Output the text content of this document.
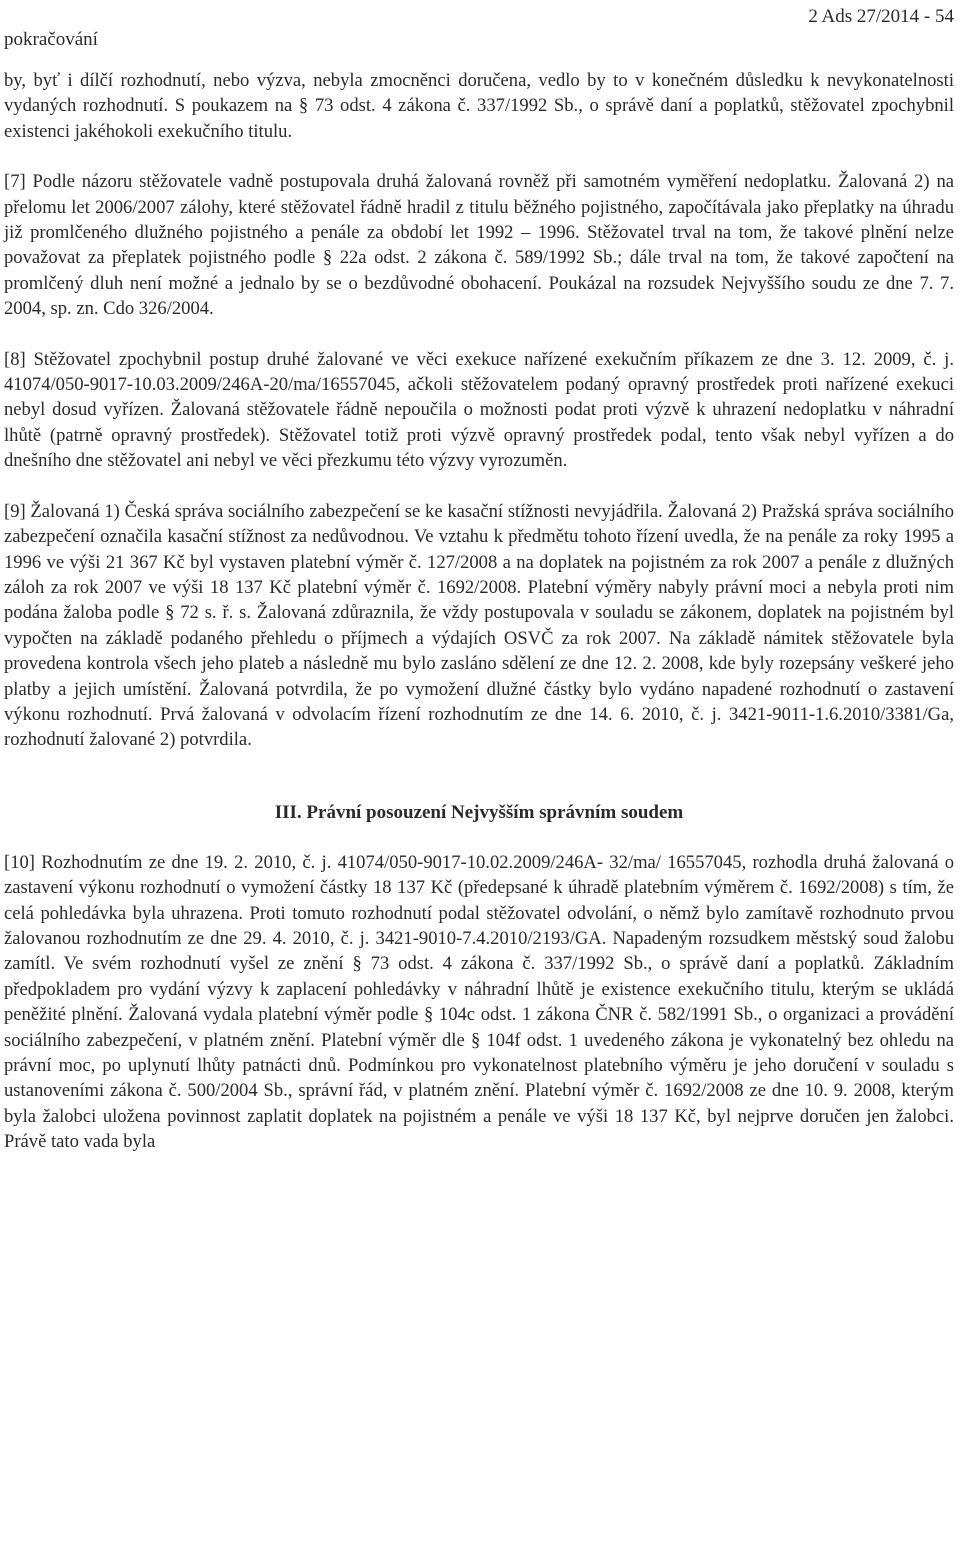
pokračování
2 Ads 27/2014 - 54

by, byť i dílčí rozhodnutí, nebo výzva, nebyla zmocněnci doručena, vedlo by to v konečném důsledku k nevykonatelnosti vydaných rozhodnutí. S poukazem na § 73 odst. 4 zákona č. 337/1992 Sb., o správě daní a poplatků, stěžovatel zpochybnil existenci jakéhokoli exekučního titulu.

[7] Podle názoru stěžovatele vadně postupovala druhá žalovaná rovněž při samotném vyměření nedoplatku. Žalovaná 2) na přelomu let 2006/2007 zálohy, které stěžovatel řádně hradil z titulu běžného pojistného, započítávala jako přeplatky na úhradu již promlčeného dlužného pojistného a penále za období let 1992 – 1996. Stěžovatel trval na tom, že takové plnění nelze považovat za přeplatek pojistného podle § 22a odst. 2 zákona č. 589/1992 Sb.; dále trval na tom, že takové započtení na promlčený dluh není možné a jednalo by se o bezdůvodné obohacení. Poukázal na rozsudek Nejvyššího soudu ze dne 7. 7. 2004, sp. zn. Cdo 326/2004.

[8] Stěžovatel zpochybnil postup druhé žalované ve věci exekuce nařízené exekučním příkazem ze dne 3. 12. 2009, č. j. 41074/050-9017-10.03.2009/246A-20/ma/16557045, ačkoli stěžovatelem podaný opravný prostředek proti nařízené exekuci nebyl dosud vyřízen. Žalovaná stěžovatele řádně nepoučila o možnosti podat proti výzvě k uhrazení nedoplatku v náhradní lhůtě (patrně opravný prostředek). Stěžovatel totiž proti výzvě opravný prostředek podal, tento však nebyl vyřízen a do dnešního dne stěžovatel ani nebyl ve věci přezkumu této výzvy vyrozuměn.

[9] Žalovaná 1) Česká správa sociálního zabezpečení se ke kasační stížnosti nevyjádřila. Žalovaná 2) Pražská správa sociálního zabezpečení označila kasační stížnost za nedůvodnou. Ve vztahu k předmětu tohoto řízení uvedla, že na penále za roky 1995 a 1996 ve výši 21 367 Kč byl vystaven platební výměr č. 127/2008 a na doplatek na pojistném za rok 2007 a penále z dlužných záloh za rok 2007 ve výši 18 137 Kč platební výměr č. 1692/2008. Platební výměry nabyly právní moci a nebyla proti nim podána žaloba podle § 72 s. ř. s. Žalovaná zdůraznila, že vždy postupovala v souladu se zákonem, doplatek na pojistném byl vypočten na základě podaného přehledu o příjmech a výdajích OSVČ za rok 2007. Na základě námitek stěžovatele byla provedena kontrola všech jeho plateb a následně mu bylo zasláno sdělení ze dne 12. 2. 2008, kde byly rozepsány veškeré jeho platby a jejich umístění. Žalovaná potvrdila, že po vymožení dlužné částky bylo vydáno napadené rozhodnutí o zastavení výkonu rozhodnutí. Prvá žalovaná v odvolacím řízení rozhodnutím ze dne 14. 6. 2010, č. j. 3421-9011-1.6.2010/3381/Ga, rozhodnutí žalované 2) potvrdila.

III. Právní posouzení Nejvyšším správním soudem

[10] Rozhodnutím ze dne 19. 2. 2010, č. j. 41074/050-9017-10.02.2009/246A- 32/ma/ 16557045, rozhodla druhá žalovaná o zastavení výkonu rozhodnutí o vymožení částky 18 137 Kč (předepsané k úhradě platebním výměrem č. 1692/2008) s tím, že celá pohledávka byla uhrazena. Proti tomuto rozhodnutí podal stěžovatel odvolání, o němž bylo zamítavě rozhodnuto prvou žalovanou rozhodnutím ze dne 29. 4. 2010, č. j. 3421-9010-7.4.2010/2193/GA. Napadeným rozsudkem městský soud žalobu zamítl. Ve svém rozhodnutí vyšel ze znění § 73 odst. 4 zákona č. 337/1992 Sb., o správě daní a poplatků. Základním předpokladem pro vydání výzvy k zaplacení pohledávky v náhradní lhůtě je existence exekučního titulu, kterým se ukládá peněžité plnění. Žalovaná vydala platební výměr podle § 104c odst. 1 zákona ČNR č. 582/1991 Sb., o organizaci a provádění sociálního zabezpečení, v platném znění. Platební výměr dle § 104f odst. 1 uvedeného zákona je vykonatelný bez ohledu na právní moc, po uplynutí lhůty patnácti dnů. Podmínkou pro vykonatelnost platebního výměru je jeho doručení v souladu s ustanoveními zákona č. 500/2004 Sb., správní řád, v platném znění. Platební výměr č. 1692/2008 ze dne 10. 9. 2008, kterým byla žalobci uložena povinnost zaplatit doplatek na pojistném a penále ve výši 18 137 Kč, byl nejprve doručen jen žalobci. Právě tato vada byla
